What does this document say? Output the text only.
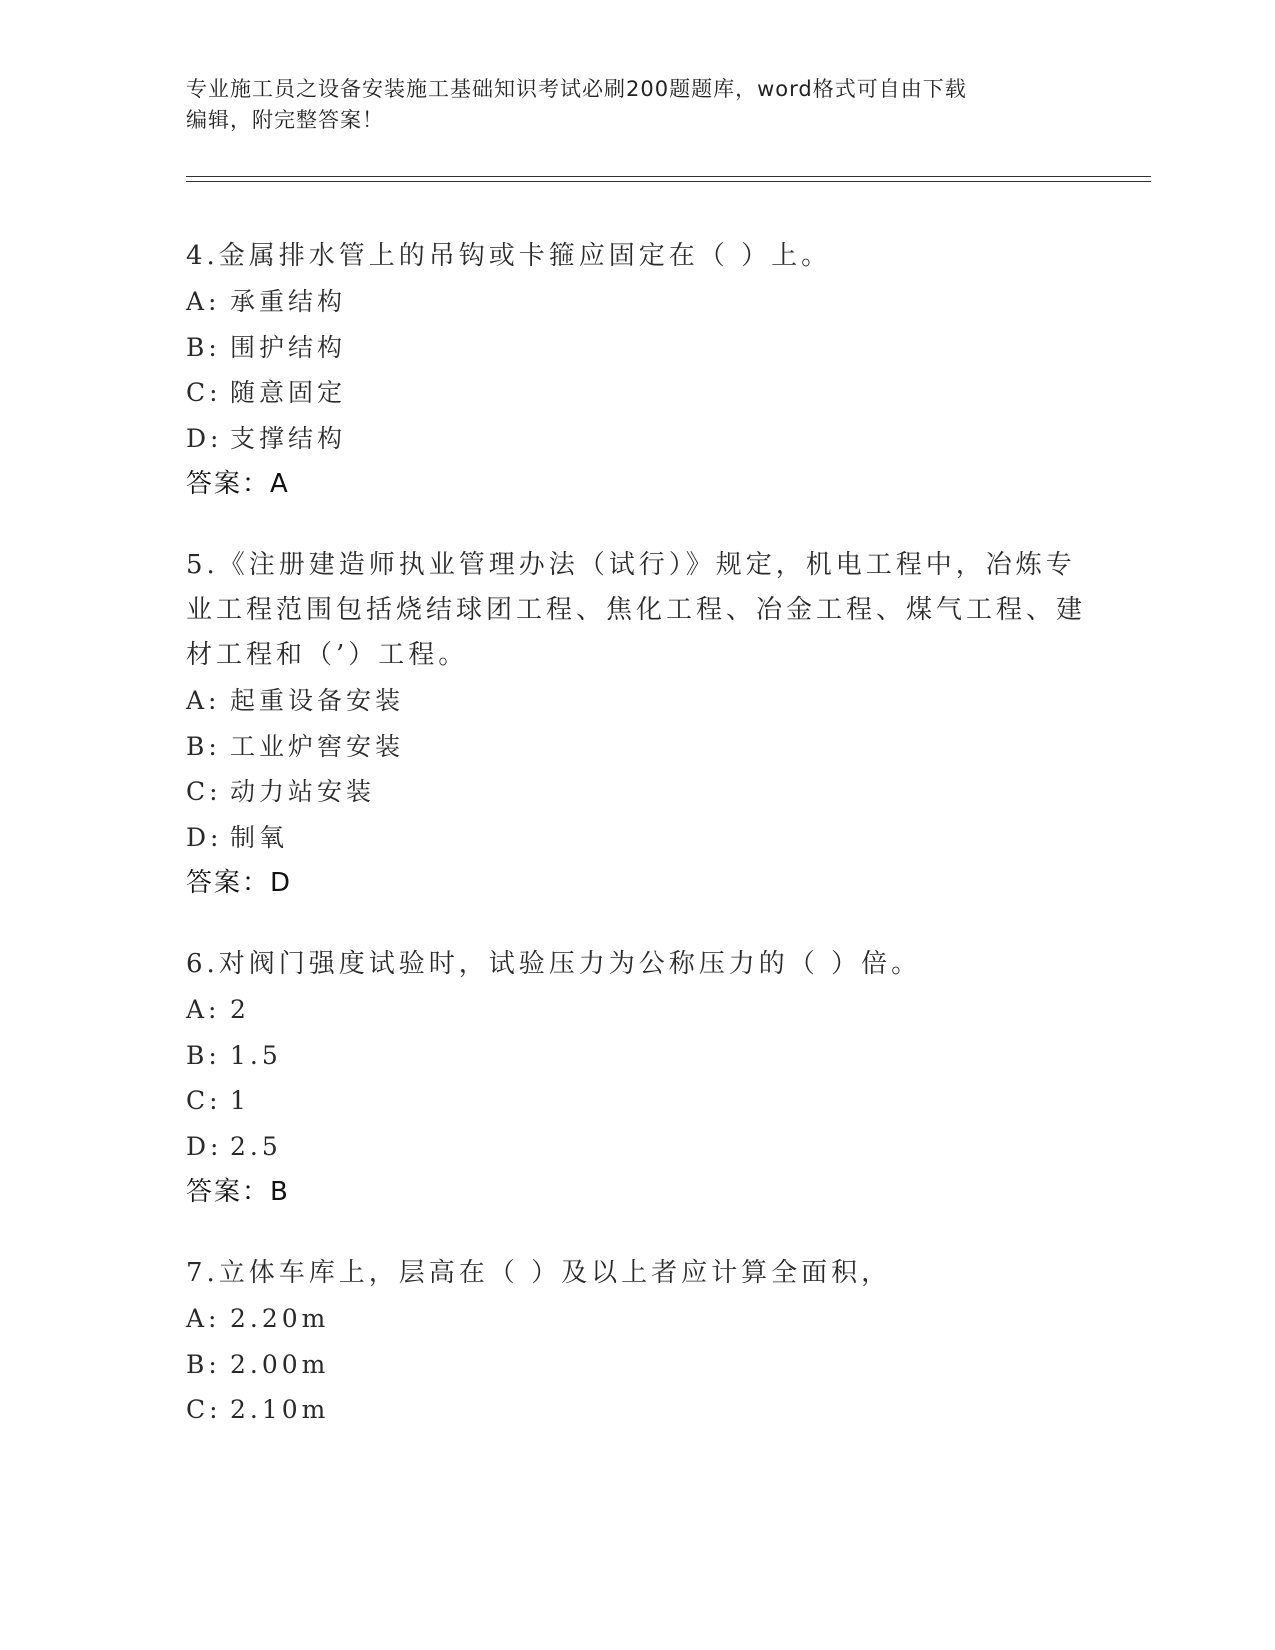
专业施工员之设备安装施工基础知识考试必刷200题题库，word格式可自由下载
编辑，附完整答案！
4.金属排水管上的吊钩或卡箍应固定在（ ）上。
A: 承重结构
B: 围护结构
C: 随意固定
D: 支撑结构
答案：A
5.《注册建造师执业管理办法（试行）》规定，机电工程中，冶炼专业工程范围包括烧结球团工程、焦化工程、冶金工程、煤气工程、建材工程和（’）工程。
A: 起重设备安装
B: 工业炉窖安装
C: 动力站安装
D: 制氧
答案：D
6.对阀门强度试验时，试验压力为公称压力的（ ）倍。
A: 2
B: 1.5
C: 1
D: 2.5
答案：B
7.立体车库上，层高在（ ）及以上者应计算全面积，
A: 2.20m
B: 2.00m
C: 2.10m
